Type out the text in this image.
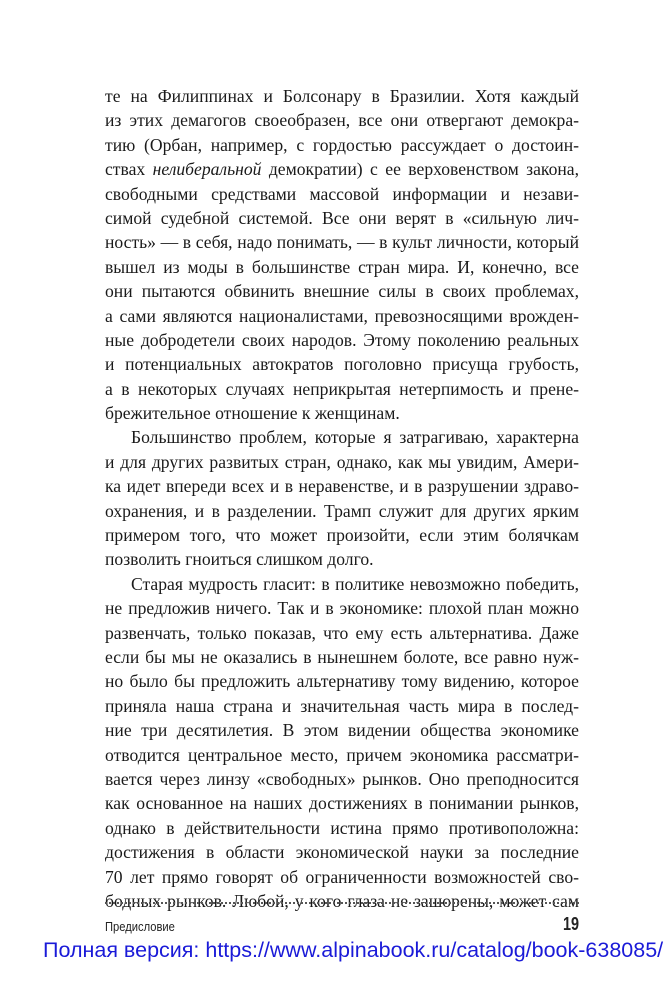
те на Филиппинах и Болсонару в Бразилии. Хотя каждый
из этих демагогов своеобразен, все они отвергают демокра-
тию (Орбан, например, с гордостью рассуждает о достоин-
ствах нелиберальной демократии) с ее верховенством закона,
свободными средствами массовой информации и незави-
симой судебной системой. Все они верят в «сильную лич-
ность» — в себя, надо понимать, — в культ личности, который
вышел из моды в большинстве стран мира. И, конечно, все
они пытаются обвинить внешние силы в своих проблемах,
а сами являются националистами, превозносящими врожден-
ные добродетели своих народов. Этому поколению реальных
и потенциальных автократов поголовно присуща грубость,
а в некоторых случаях неприкрытая нетерпимость и прене-
брежительное отношение к женщинам.
Большинство проблем, которые я затрагиваю, характерна
и для других развитых стран, однако, как мы увидим, Амери-
ка идет впереди всех и в неравенстве, и в разрушении здраво-
охранения, и в разделении. Трамп служит для других ярким
примером того, что может произойти, если этим болячкам
позволить гноиться слишком долго.
Старая мудрость гласит: в политике невозможно победить,
не предложив ничего. Так и в экономике: плохой план можно
развенчать, только показав, что ему есть альтернатива. Даже
если бы мы не оказались в нынешнем болоте, все равно нуж-
но было бы предложить альтернативу тому видению, которое
приняла наша страна и значительная часть мира в послед-
ние три десятилетия. В этом видении общества экономике
отводится центральное место, причем экономика рассматри-
вается через линзу «свободных» рынков. Оно преподносится
как основанное на наших достижениях в понимании рынков,
однако в действительности истина прямо противоположна:
достижения в области экономической науки за последние
70 лет прямо говорят об ограниченности возможностей сво-
бодных рынков. Любой, у кого глаза не зашорены, может сам
Предисловие	19
Полная версия: https://www.alpinabook.ru/catalog/book-638085/
